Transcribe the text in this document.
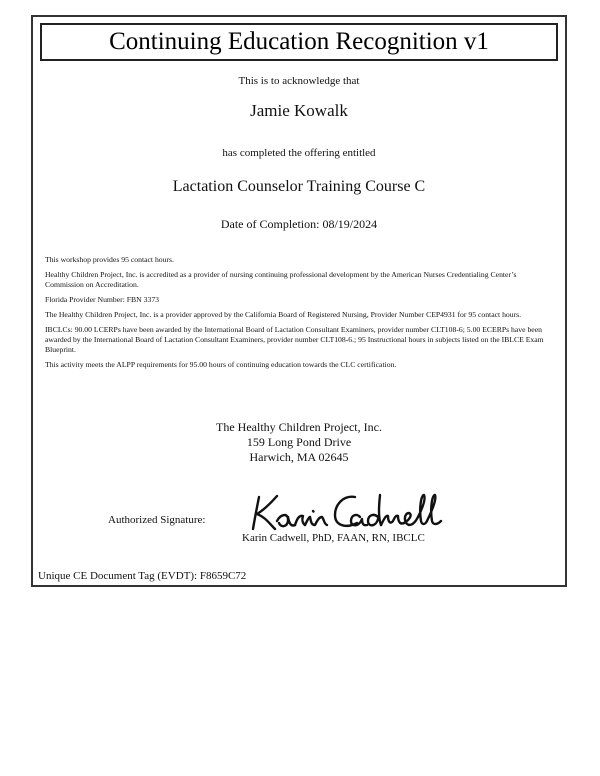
Continuing Education Recognition v1
This is to acknowledge that
Jamie Kowalk
has completed the offering entitled
Lactation Counselor Training Course C
Date of Completion: 08/19/2024

This workshop provides 95 contact hours.

Healthy Children Project, Inc. is accredited as a provider of nursing continuing professional development by the American Nurses Credentialing Center’s Commission on Accreditation.

Florida Provider Number: FBN 3373

The Healthy Children Project, Inc. is a provider approved by the California Board of Registered Nursing, Provider Number CEP4931 for 95 contact hours.

IBCLCs: 90.00 LCERPs have been awarded by the International Board of Lactation Consultant Examiners, provider number CLT108-6; 5.00 ECERPs have been awarded by the International Board of Lactation Consultant Examiners, provider number CLT108-6.; 95 Instructional hours in subjects listed on the IBLCE Exam Blueprint.

This activity meets the ALPP requirements for 95.00 hours of continuing education towards the CLC certification.

The Healthy Children Project, Inc.
159 Long Pond Drive
Harwich, MA 02645
Authorized Signature:
Karin Cadwell, PhD, FAAN, RN, IBCLC
Unique CE Document Tag (EVDT): F8659C72
